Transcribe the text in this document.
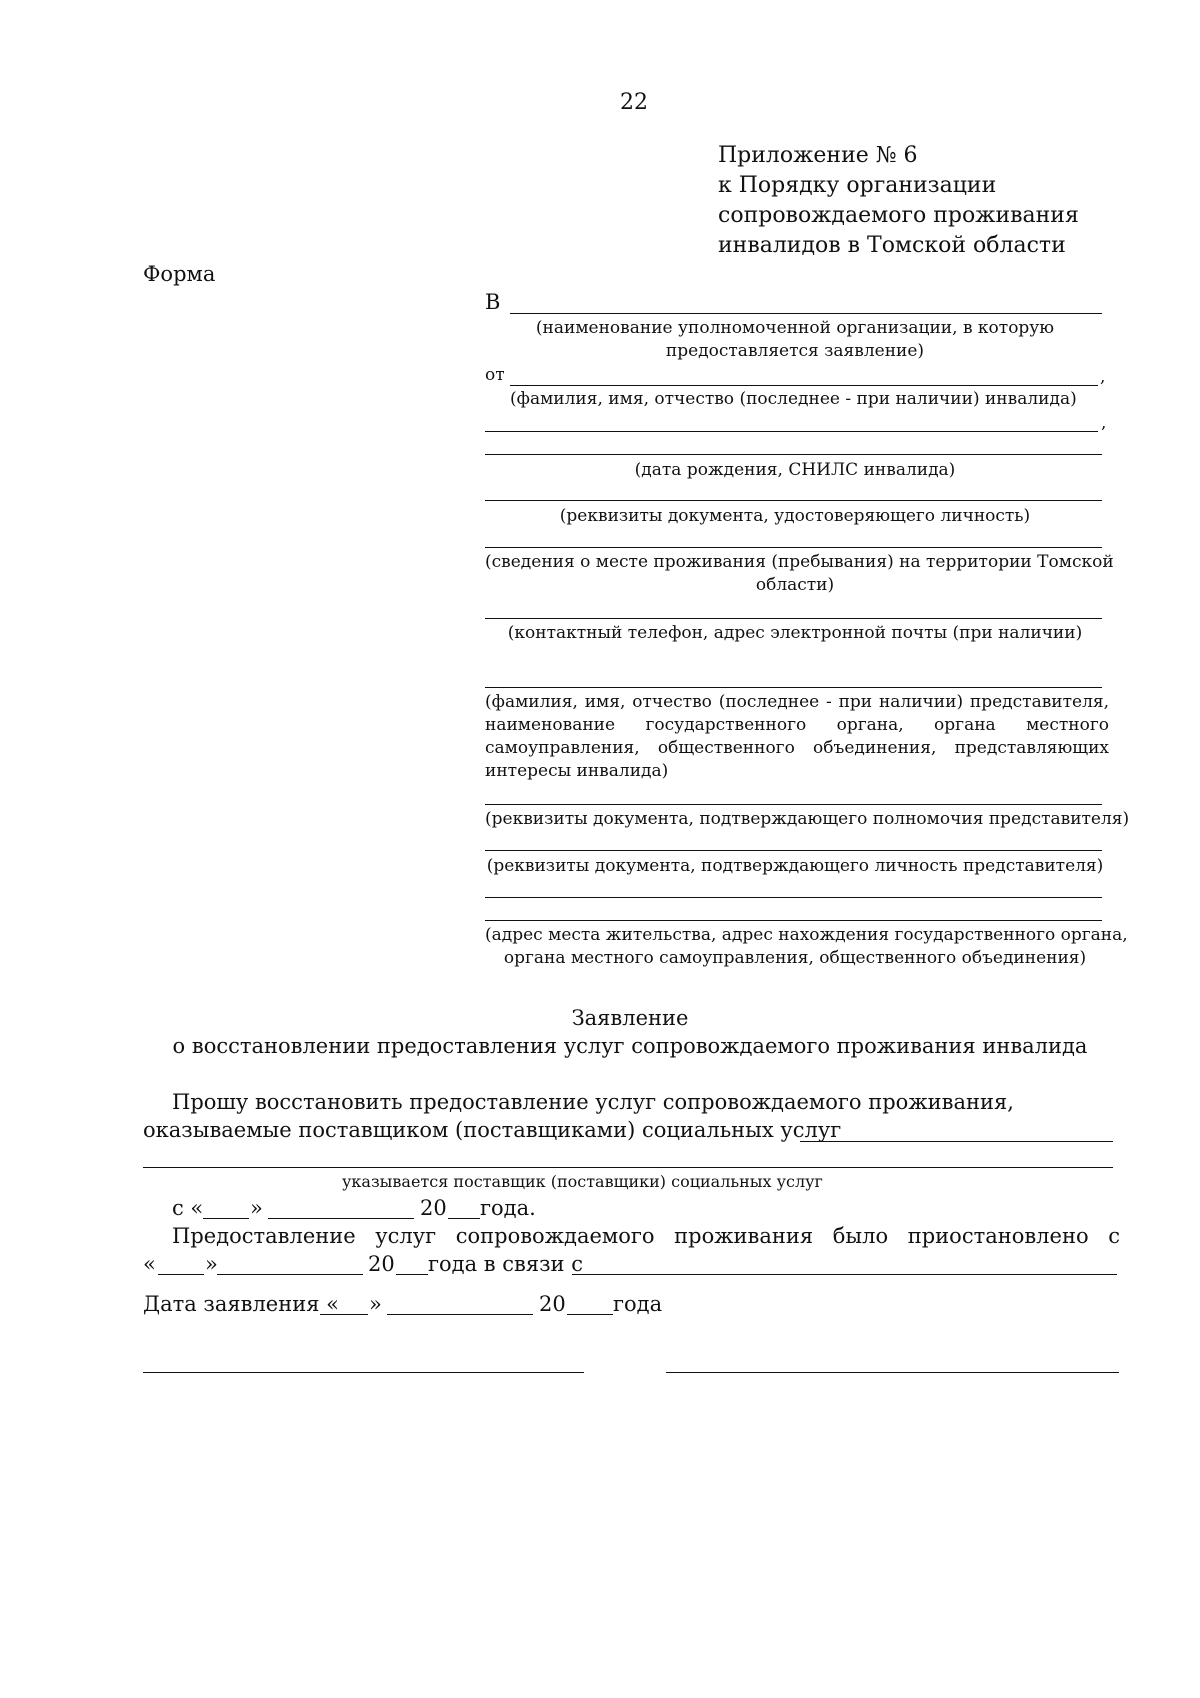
22
Приложение № 6
к Порядку организации
сопровождаемого проживания
инвалидов в Томской области
Форма
В
(наименование уполномоченной организации, в которую
предоставляется заявление)
от	,
(фамилия, имя, отчество (последнее - при наличии) инвалида)
,
(дата рождения, СНИЛС инвалида)
(реквизиты документа, удостоверяющего личность)
(сведения о месте проживания (пребывания) на территории Томской
области)
(контактный телефон, адрес электронной почты (при наличии)
(фамилия, имя, отчество (последнее - при наличии) представителя,
наименование государственного органа, органа местного
самоуправления, общественного объединения, представляющих
интересы инвалида)
(реквизиты документа, подтверждающего полномочия представителя)
(реквизиты документа, подтверждающего личность представителя)
(адрес места жительства, адрес нахождения государственного органа,
органа местного самоуправления, общественного объединения)
Заявление
о восстановлении предоставления услуг сопровождаемого проживания инвалида
Прошу восстановить предоставление услуг сопровождаемого проживания,
оказываемые поставщиком (поставщиками) социальных услуг
указывается поставщик (поставщики) социальных услуг
с « »	20 года.
Предоставление услуг сопровождаемого проживания было приостановлено с
« »	20 года в связи с
Дата заявления « »	20 года
